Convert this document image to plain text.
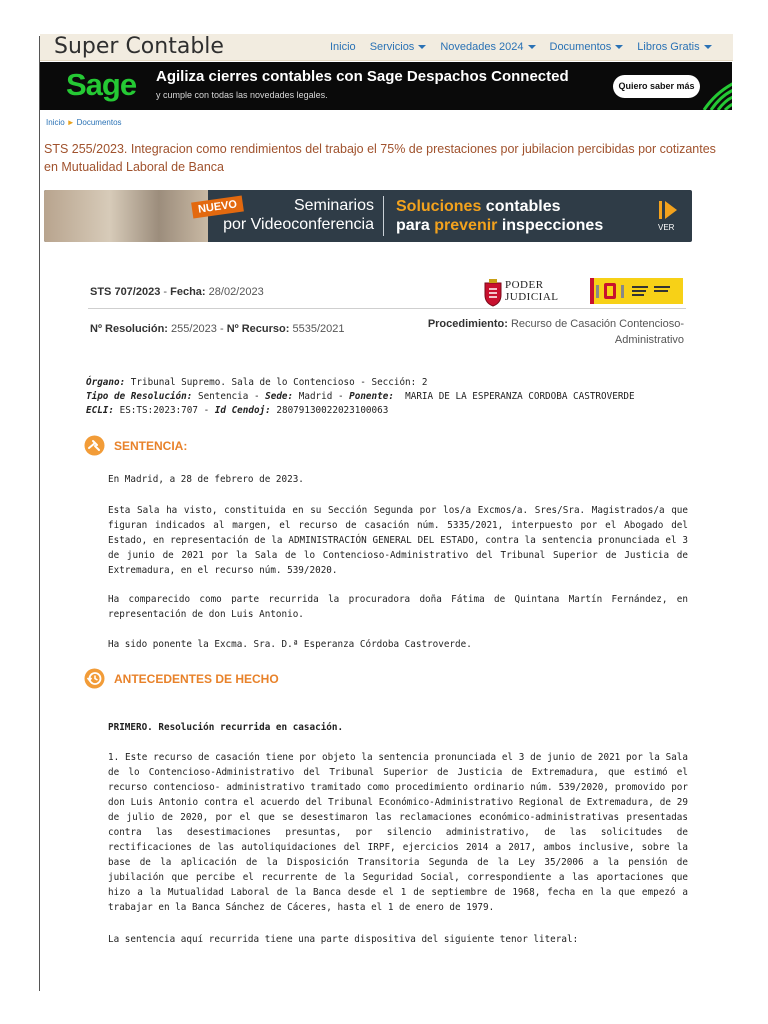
Super Contable	Inicio Servicios	Novedades 2024	Documentos	Libros Gratis
Sage Agiliza cierres contables con Sage Despachos Connected
y cumple con todas las novedades legales.
Quiero saber más
Inicio ► Documentos
STS 255/2023. Integracion como rendimientos del trabajo el 75% de prestaciones por jubilacion percibidas por cotizantes en Mutualidad Laboral de Banca
NUEVO	Seminarios
por Videoconferencia
Soluciones contables
para prevenir inspecciones	VER
STS 707/2023 - Fecha: 28/02/2023
PODER
JUDICIAL
Nº Resolución: 255/2023 - Nº Recurso: 5535/2021	Procedimiento: Recurso de Casación Contencioso-Administrativo
Órgano: Tribunal Supremo. Sala de lo Contencioso - Sección: 2
Tipo de Resolución: Sentencia - Sede: Madrid - Ponente: MARIA DE LA ESPERANZA CORDOBA CASTROVERDE
ECLI: ES:TS:2023:707 - Id Cendoj: 28079130022023100063
SENTENCIA:
En Madrid, a 28 de febrero de 2023.
Esta Sala ha visto, constituida en su Sección Segunda por los/a Excmos/a. Sres/Sra. Magistrados/a que figuran indicados al margen, el recurso de casación núm. 5335/2021, interpuesto por el Abogado del Estado, en representación de la ADMINISTRACIÓN GENERAL DEL ESTADO, contra la sentencia pronunciada el 3 de junio de 2021 por la Sala de lo Contencioso-Administrativo del Tribunal Superior de Justicia de Extremadura, en el recurso núm. 539/2020.
Ha comparecido como parte recurrida la procuradora doña Fátima de Quintana Martín Fernández, en representación de don Luis Antonio.
Ha sido ponente la Excma. Sra. D.ª Esperanza Córdoba Castroverde.
ANTECEDENTES DE HECHO
PRIMERO. Resolución recurrida en casación.
1. Este recurso de casación tiene por objeto la sentencia pronunciada el 3 de junio de 2021 por la Sala de lo Contencioso-Administrativo del Tribunal Superior de Justicia de Extremadura, que estimó el recurso contencioso- administrativo tramitado como procedimiento ordinario núm. 539/2020, promovido por don Luis Antonio contra el acuerdo del Tribunal Económico-Administrativo Regional de Extremadura, de 29 de julio de 2020, por el que se desestimaron las reclamaciones económico-administrativas presentadas contra las desestimaciones presuntas, por silencio administrativo, de las solicitudes de rectificaciones de las autoliquidaciones del IRPF, ejercicios 2014 a 2017, ambos inclusive, sobre la base de la aplicación de la Disposición Transitoria Segunda de la Ley 35/2006 a la pensión de jubilación que percibe el recurrente de la Seguridad Social, correspondiente a las aportaciones que hizo a la Mutualidad Laboral de la Banca desde el 1 de septiembre de 1968, fecha en la que empezó a trabajar en la Banca Sánchez de Cáceres, hasta el 1 de enero de 1979.
La sentencia aquí recurrida tiene una parte dispositiva del siguiente tenor literal:
